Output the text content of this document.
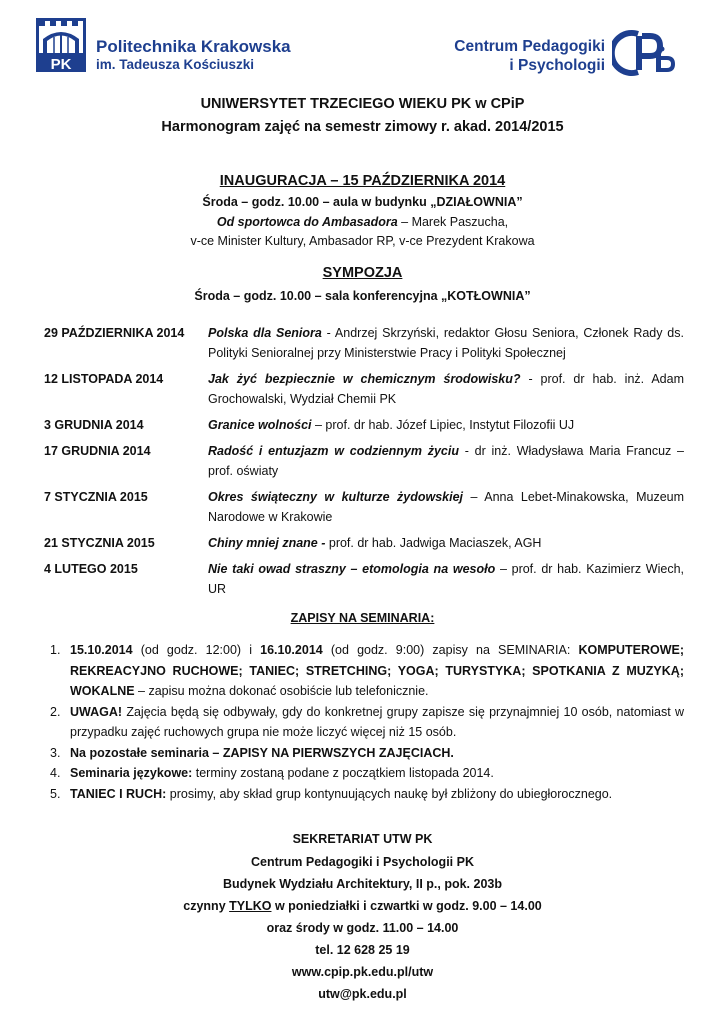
PK
Politechnika Krakowska
im. Tadeusza Kościuszki
Centrum Pedagogiki
i Psychologii
CPiP
UNIWERSYTET TRZECIEGO WIEKU PK w CPiP
Harmonogram zajęć na semestr zimowy r. akad. 2014/2015
INAUGURACJA – 15 PAŹDZIERNIKA 2014
Środa – godz. 10.00 – aula w budynku „DZIAŁOWNIA”
Od sportowca do Ambasadora – Marek Paszucha,
v-ce Minister Kultury, Ambasador RP, v-ce Prezydent Krakowa
SYMPOZJA
Środa – godz. 10.00 – sala konferencyjna „KOTŁOWNIA”
29 PAŹDZIERNIKA 2014	Polska dla Seniora - Andrzej Skrzyński, redaktor Głosu Seniora, Członek Rady ds. Polityki Senioralnej przy Ministerstwie Pracy i Polityki Społecznej
12 LISTOPADA 2014	Jak żyć bezpiecznie w chemicznym środowisku? - prof. dr hab. inż. Adam Grochowalski, Wydział Chemii PK
3 GRUDNIA 2014	Granice wolności – prof. dr hab. Józef Lipiec, Instytut Filozofii UJ
17 GRUDNIA 2014	Radość i entuzjazm w codziennym życiu - dr inż. Władysława Maria Francuz – prof. oświaty
7 STYCZNIA 2015	Okres świąteczny w kulturze żydowskiej – Anna Lebet-Minakowska, Muzeum Narodowe w Krakowie
21 STYCZNIA 2015	Chiny mniej znane - prof. dr hab. Jadwiga Maciaszek, AGH
4 LUTEGO 2015	Nie taki owad straszny – etomologia na wesoło – prof. dr hab. Kazimierz Wiech, UR
ZAPISY NA SEMINARIA:
1. 15.10.2014 (od godz. 12:00) i 16.10.2014 (od godz. 9:00) zapisy na SEMINARIA: KOMPUTEROWE; REKREACYJNO RUCHOWE; TANIEC; STRETCHING; YOGA; TURYSTYKA; SPOTKANIA Z MUZYKĄ; WOKALNE – zapisu można dokonać osobiście lub telefonicznie.
2. UWAGA! Zajęcia będą się odbywały, gdy do konkretnej grupy zapisze się przynajmniej 10 osób, natomiast w przypadku zajęć ruchowych grupa nie może liczyć więcej niż 15 osób.
3. Na pozostałe seminaria – ZAPISY NA PIERWSZYCH ZAJĘCIACH.
4. Seminaria językowe: terminy zostaną podane z początkiem listopada 2014.
5. TANIEC I RUCH: prosimy, aby skład grup kontynuujących naukę był zbliżony do ubiegłorocznego.
SEKRETARIAT UTW PK
Centrum Pedagogiki i Psychologii PK
Budynek Wydziału Architektury, II p., pok. 203b
czynny TYLKO w poniedziałki i czwartki w godz. 9.00 – 14.00
oraz środy w godz. 11.00 – 14.00
tel. 12 628 25 19
www.cpip.pk.edu.pl/utw
utw@pk.edu.pl
